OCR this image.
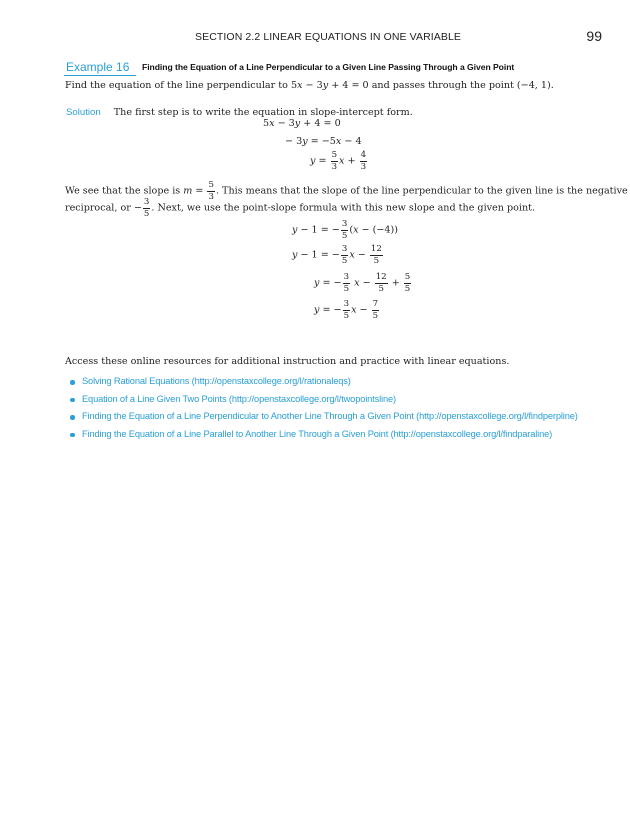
SECTION 2.2 LINEAR EQUATIONS IN ONE VARIABLE	99
Example 16 Finding the Equation of a Line Perpendicular to a Given Line Passing Through a Given Point
Find the equation of the line perpendicular to 5x − 3y + 4 = 0 and passes through the point (−4, 1).
Solution The first step is to write the equation in slope-intercept form.
5x − 3y + 4 = 0
− 3y = −5x − 4
$y = \frac{5}{3}$ $x + \frac{4}{3}$
We see that the slope is $m = \frac{5}{3}$ . This means that the slope of the line perpendicular to the given line is the negative
reciprocal, or − $\frac{3}{5}$ . Next, we use the point-slope formula with this new slope and the given point.
y − 1 = − $\frac{3}{5} (x - (-4))$
y − 1 = − $\frac{3}{5}$ $x - \frac{12}{5}$
y = − $\frac{3}{5}$ $x - \frac{12}{5} + \frac{5}{5}$
y = − $\frac{3}{5}$ $x - \frac{7}{5}$
Access these online resources for additional instruction and practice with linear equations.
Solving Rational Equations (http://openstaxcollege.org/l/rationaleqs)
Equation of a Line Given Two Points (http://openstaxcollege.org/l/twopointsline)
Finding the Equation of a Line Perpendicular to Another Line Through a Given Point (http://openstaxcollege.org/l/findperpline)
Finding the Equation of a Line Parallel to Another Line Through a Given Point (http://openstaxcollege.org/l/findparaline)
